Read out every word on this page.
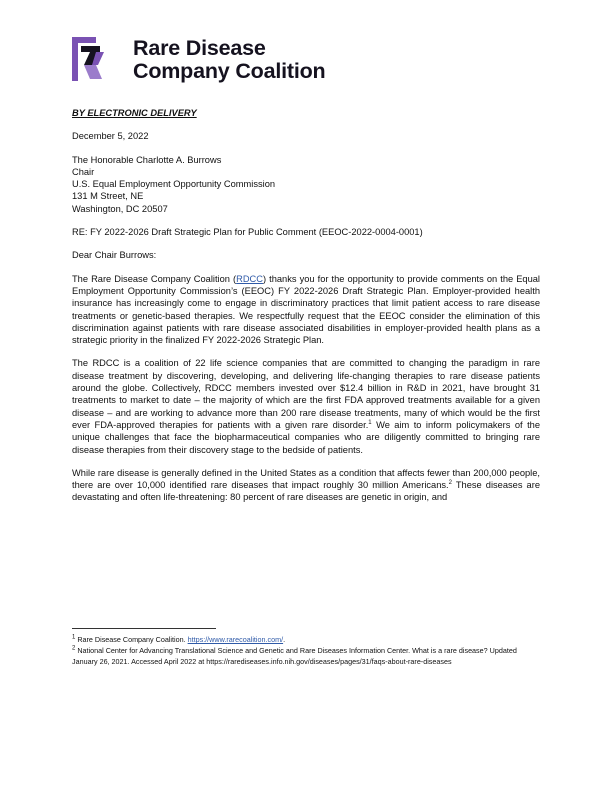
Rare Disease
Company Coalition

BY ELECTRONIC DELIVERY

December 5, 2022

The Honorable Charlotte A. Burrows

Chair

U.S. Equal Employment Opportunity Commission

131 M Street, NE

Washington, DC 20507

RE: FY 2022-2026 Draft Strategic Plan for Public Comment (EEOC-2022-0004-0001)

Dear Chair Burrows:

The Rare Disease Company Coalition (RDCC) thanks you for the opportunity to provide comments on the Equal Employment Opportunity Commission’s (EEOC) FY 2022-2026 Draft Strategic Plan. Employer-provided health insurance has increasingly come to engage in discriminatory practices that limit patient access to rare disease treatments or genetic-based therapies. We respectfully request that the EEOC consider the elimination of this discrimination against patients with rare disease associated disabilities in employer-provided health plans as a strategic priority in the finalized FY 2022-2026 Strategic Plan.

The RDCC is a coalition of 22 life science companies that are committed to changing the paradigm in rare disease treatment by discovering, developing, and delivering life-changing therapies to rare disease patients around the globe. Collectively, RDCC members invested over $12.4 billion in R&D in 2021, have brought 31 treatments to market to date – the majority of which are the first FDA approved treatments available for a given disease – and are working to advance more than 200 rare disease treatments, many of which would be the first ever FDA-approved therapies for patients with a given rare disorder.$^1$ We aim to inform policymakers of the unique challenges that face the biopharmaceutical companies who are diligently committed to bringing rare disease therapies from their discovery stage to the bedside of patients.

While rare disease is generally defined in the United States as a condition that affects fewer than 200,000 people, there are over 10,000 identified rare diseases that impact roughly 30 million Americans.$^2$ These diseases are devastating and often life-threatening: 80 percent of rare diseases are genetic in origin, and

$^1$ Rare Disease Company Coalition. https://www.rarecoalition.com/.

$^2$ National Center for Advancing Translational Science and Genetic and Rare Diseases Information Center. What is a rare disease? Updated January 26, 2021. Accessed April 2022 at https://rarediseases.info.nih.gov/diseases/pages/31/faqs-about-rare-diseases
